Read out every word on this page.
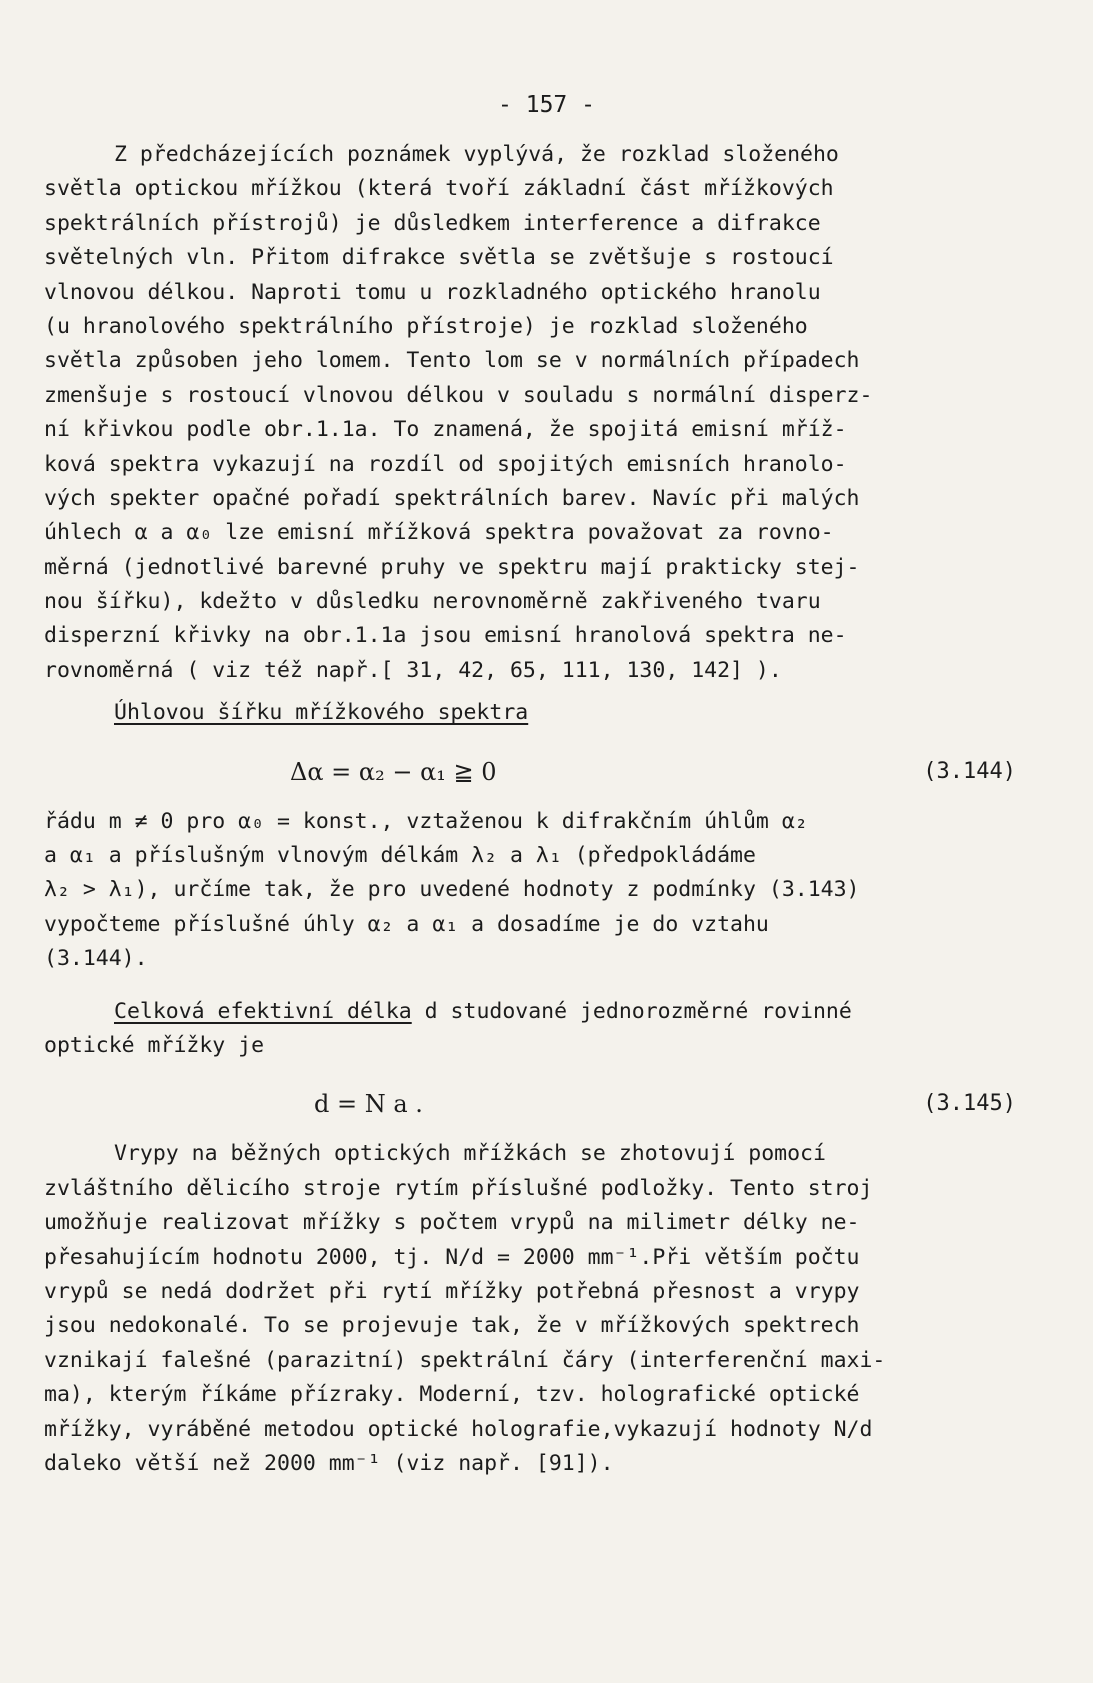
- 157 -
Z předcházejících poznámek vyplývá, že rozklad složeného
světla optickou mřížkou (která tvoří základní část mřížkových
spektrálních přístrojů) je důsledkem interference a difrakce
světelných vln. Přitom difrakce světla se zvětšuje s rostoucí
vlnovou délkou. Naproti tomu u rozkladného optického hranolu
(u hranolového spektrálního přístroje) je rozklad složeného
světla způsoben jeho lomem. Tento lom se v normálních případech
zmenšuje s rostoucí vlnovou délkou v souladu s normální disperz-
ní křivkou podle obr.1.1a. To znamená, že spojitá emisní mříž-
ková spektra vykazují na rozdíl od spojitých emisních hranolo-
vých spekter opačné pořadí spektrálních barev. Navíc při malých
úhlech α a α₀ lze emisní mřížková spektra považovat za rovno-
měrná (jednotlivé barevné pruhy ve spektru mají prakticky stej-
nou šířku), kdežto v důsledku nerovnoměrně zakřiveného tvaru
disperzní křivky na obr.1.1a jsou emisní hranolová spektra ne-
rovnoměrná ( viz též např.[ 31, 42, 65, 111, 130, 142] ).
Úhlovou šířku mřížkového spektra
Δα = α₂ − α₁ ≧ 0	(3.144)
řádu m ≠ 0 pro α₀ = konst., vztaženou k difrakčním úhlům α₂
a α₁ a příslušným vlnovým délkám λ₂ a λ₁ (předpokládáme
λ₂ > λ₁), určíme tak, že pro uvedené hodnoty z podmínky (3.143)
vypočteme příslušné úhly α₂ a α₁ a dosadíme je do vztahu
(3.144).
Celková efektivní délka d studované jednorozměrné rovinné
optické mřížky je
d = N a .	(3.145)
Vrypy na běžných optických mřížkách se zhotovují pomocí
zvláštního dělicího stroje rytím příslušné podložky. Tento stroj
umožňuje realizovat mřížky s počtem vrypů na milimetr délky ne-
přesahujícím hodnotu 2000, tj. N/d = 2000 mm⁻¹.Při větším počtu
vrypů se nedá dodržet při rytí mřížky potřebná přesnost a vrypy
jsou nedokonalé. To se projevuje tak, že v mřížkových spektrech
vznikají falešné (parazitní) spektrální čáry (interferenční maxi-
ma), kterým říkáme přízraky. Moderní, tzv. holografické optické
mřížky, vyráběné metodou optické holografie,vykazují hodnoty N/d
daleko větší než 2000 mm⁻¹ (viz např. [91]).
